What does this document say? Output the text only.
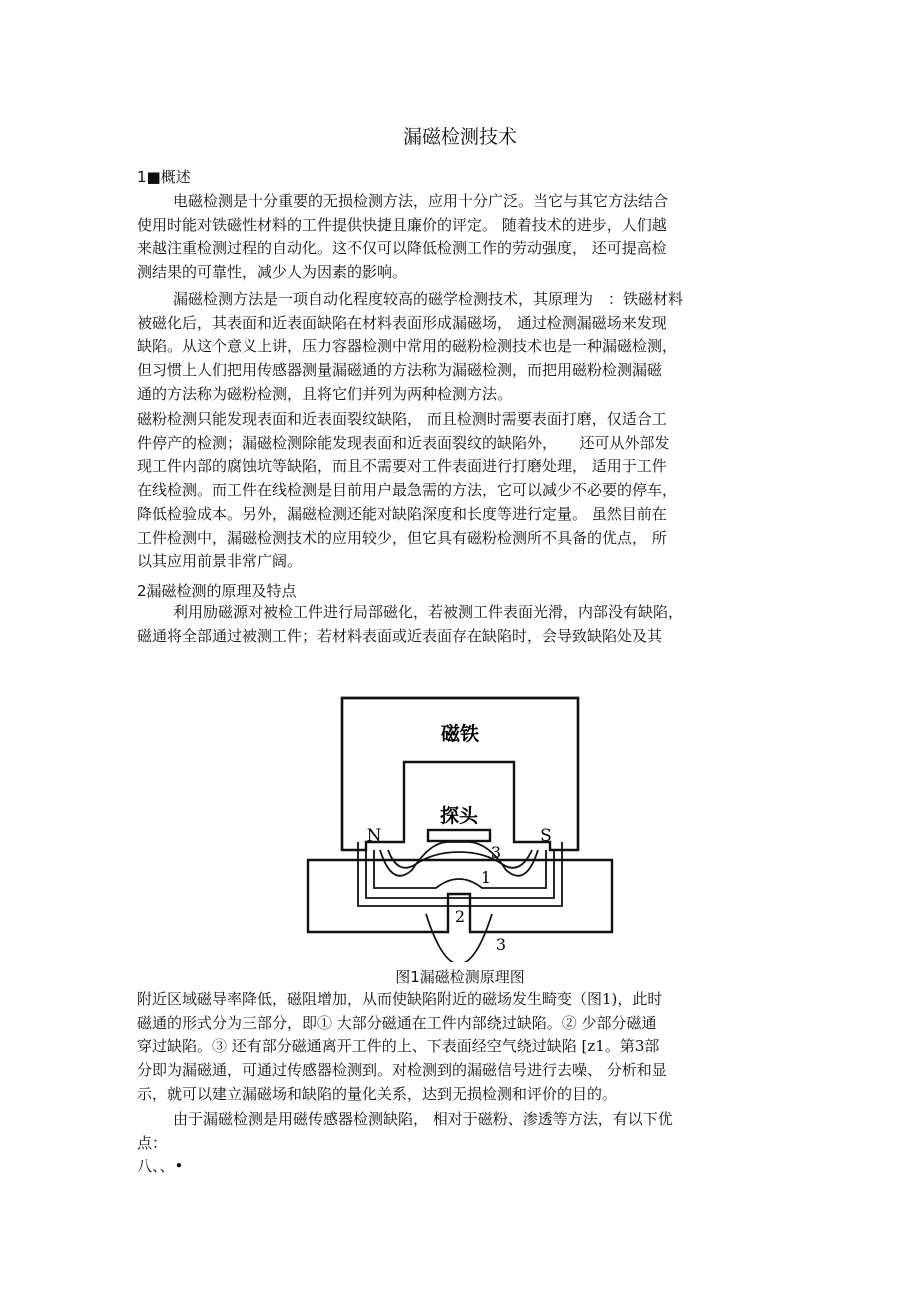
漏磁检测技术
1■概述
电磁检测是十分重要的无损检测方法，应用十分广泛。当它与其它方法结合
使用时能对铁磁性材料的工件提供快捷且廉价的评定。 随着技术的进步，人们越
来越注重检测过程的自动化。这不仅可以降低检测工作的劳动强度， 还可提高检
测结果的可靠性，减少人为因素的影响。
漏磁检测方法是一项自动化程度较高的磁学检测技术，其原理为　：铁磁材料
被磁化后，其表面和近表面缺陷在材料表面形成漏磁场， 通过检测漏磁场来发现
缺陷。从这个意义上讲，压力容器检测中常用的磁粉检测技术也是一种漏磁检测，
但习惯上人们把用传感器测量漏磁通的方法称为漏磁检测，而把用磁粉检测漏磁
通的方法称为磁粉检测，且将它们并列为两种检测方法。
磁粉检测只能发现表面和近表面裂纹缺陷， 而且检测时需要表面打磨，仅适合工
件停产的检测；漏磁检测除能发现表面和近表面裂纹的缺陷外，　　还可从外部发
现工件内部的腐蚀坑等缺陷，而且不需要对工件表面进行打磨处理， 适用于工件
在线检测。而工件在线检测是目前用户最急需的方法，它可以减少不必要的停车，
降低检验成本。另外，漏磁检测还能对缺陷深度和长度等进行定量。 虽然目前在
工件检测中，漏磁检测技术的应用较少，但它具有磁粉检测所不具备的优点， 所
以其应用前景非常广阔。
2漏磁检测的原理及特点
利用励磁源对被检工件进行局部磁化，若被测工件表面光滑，内部没有缺陷，
磁通将全部通过被测工件；若材料表面或近表面存在缺陷时，会导致缺陷处及其
磁铁
探头
N	S
3
1
2
3
图1漏磁检测原理图
附近区域磁导率降低，磁阻增加，从而使缺陷附近的磁场发生畸变（图1)，此时
磁通的形式分为三部分，即① 大部分磁通在工件内部绕过缺陷。② 少部分磁通
穿过缺陷。③ 还有部分磁通离开工件的上、下表面经空气绕过缺陷 [z1。第3部
分即为漏磁通，可通过传感器检测到。对检测到的漏磁信号进行去噪、 分析和显
示，就可以建立漏磁场和缺陷的量化关系，达到无损检测和评价的目的。
由于漏磁检测是用磁传感器检测缺陷， 相对于磁粉、渗透等方法，有以下优
点：
八、、•
